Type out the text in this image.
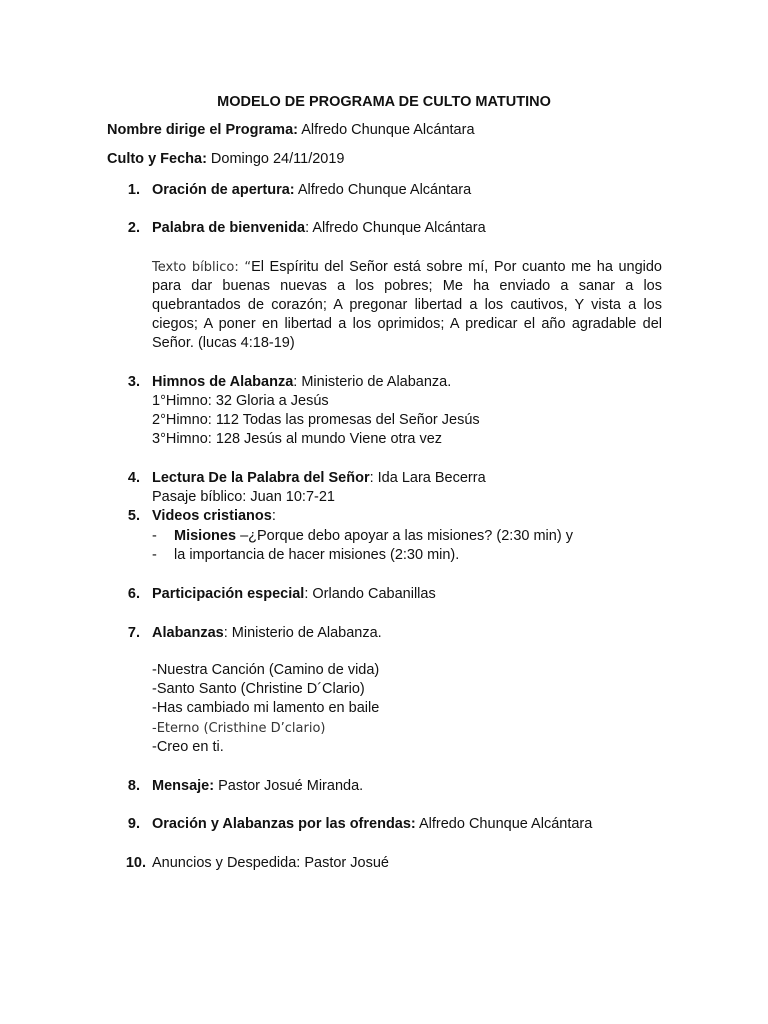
MODELO DE PROGRAMA DE CULTO MATUTINO
Nombre dirige el Programa: Alfredo Chunque Alcántara
Culto y Fecha: Domingo 24/11/2019
1. Oración de apertura: Alfredo Chunque Alcántara
2. Palabra de bienvenida: Alfredo Chunque Alcántara
Texto bíblico: “El Espíritu del Señor está sobre mí, Por cuanto me ha ungido
para dar buenas nuevas a los pobres; Me ha enviado a sanar a los
quebrantados de corazón; A pregonar libertad a los cautivos, Y vista a los
ciegos; A poner en libertad a los oprimidos; A predicar el año agradable del
Señor. (lucas 4:18-19)
3. Himnos de Alabanza: Ministerio de Alabanza.
1°Himno: 32 Gloria a Jesús
2°Himno: 112 Todas las promesas del Señor Jesús
3°Himno: 128 Jesús al mundo Viene otra vez
4. Lectura De la Palabra del Señor: Ida Lara Becerra
Pasaje bíblico: Juan 10:7-21
5. Videos cristianos:
- Misiones –¿Porque debo apoyar a las misiones? (2:30 min) y
- la importancia de hacer misiones (2:30 min).
6. Participación especial: Orlando Cabanillas
7. Alabanzas: Ministerio de Alabanza.
-Nuestra Canción (Camino de vida)
-Santo Santo (Christine D´Clario)
-Has cambiado mi lamento en baile
-Eterno (Cristhine D’clario)
-Creo en ti.
8. Mensaje: Pastor Josué Miranda.
9. Oración y Alabanzas por las ofrendas: Alfredo Chunque Alcántara
10. Anuncios y Despedida: Pastor Josué
